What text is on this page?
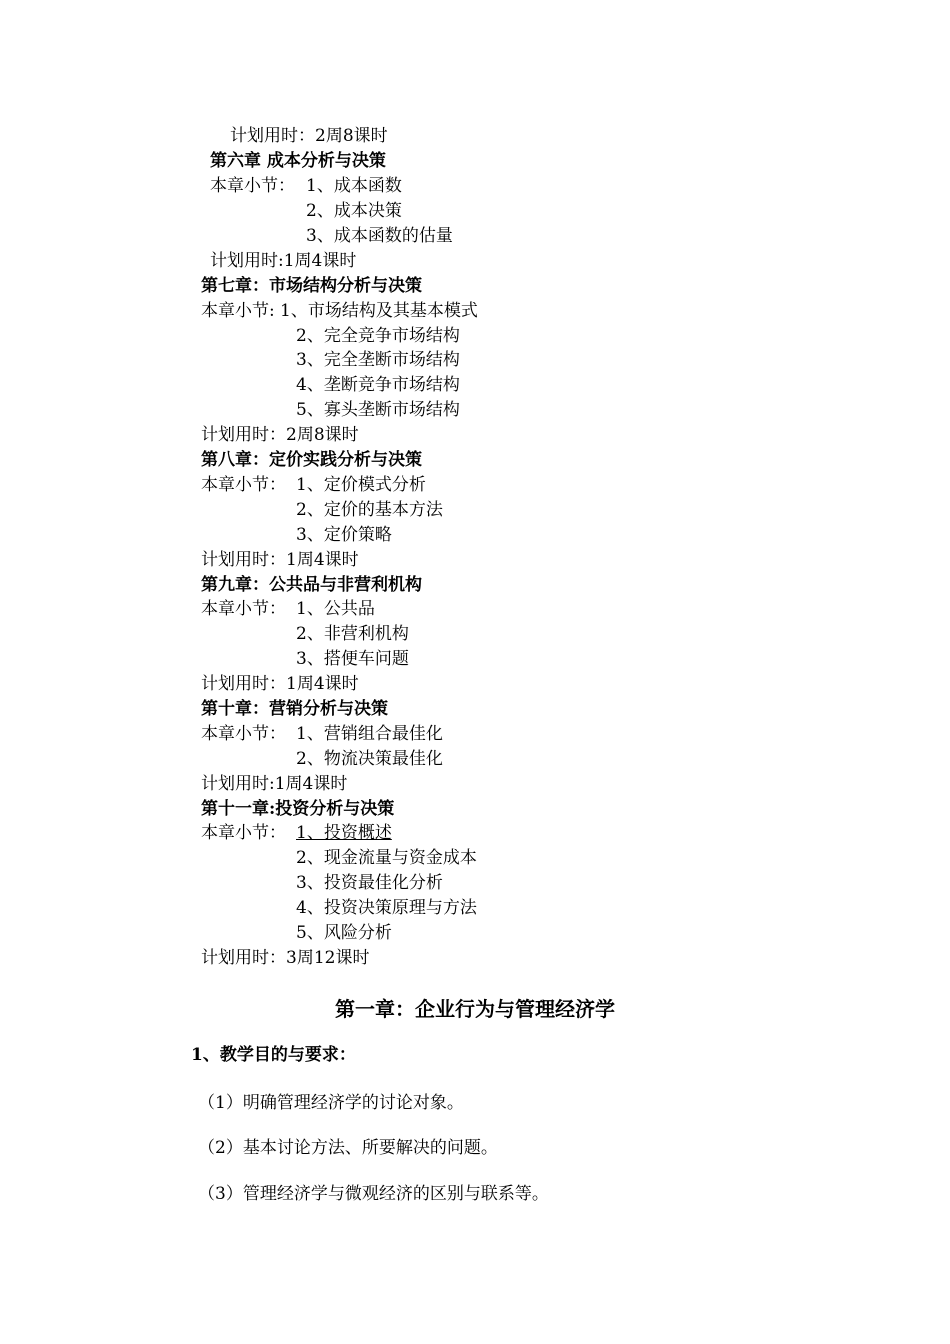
计划用时：2周8课时
第六章 成本分析与决策
本章小节： 1、成本函数
2、成本决策
3、成本函数的估量
计划用时:1周4课时
第七章：市场结构分析与决策
本章小节: 1、市场结构及其基本模式
2、完全竞争市场结构
3、完全垄断市场结构
4、垄断竞争市场结构
5、寡头垄断市场结构
计划用时：2周8课时
第八章：定价实践分析与决策
本章小节： 1、定价模式分析
2、定价的基本方法
3、定价策略
计划用时：1周4课时
第九章：公共品与非营利机构
本章小节： 1、公共品
2、非营利机构
3、搭便车问题
计划用时：1周4课时
第十章：营销分析与决策
本章小节： 1、营销组合最佳化
2、物流决策最佳化
计划用时:1周4课时
第十一章:投资分析与决策
本章小节： 1、投资概述
2、现金流量与资金成本
3、投资最佳化分析
4、投资决策原理与方法
5、风险分析
计划用时：3周12课时
第一章：企业行为与管理经济学
1、教学目的与要求：
（1）明确管理经济学的讨论对象。
（2）基本讨论方法、所要解决的问题。
（3）管理经济学与微观经济的区别与联系等。
